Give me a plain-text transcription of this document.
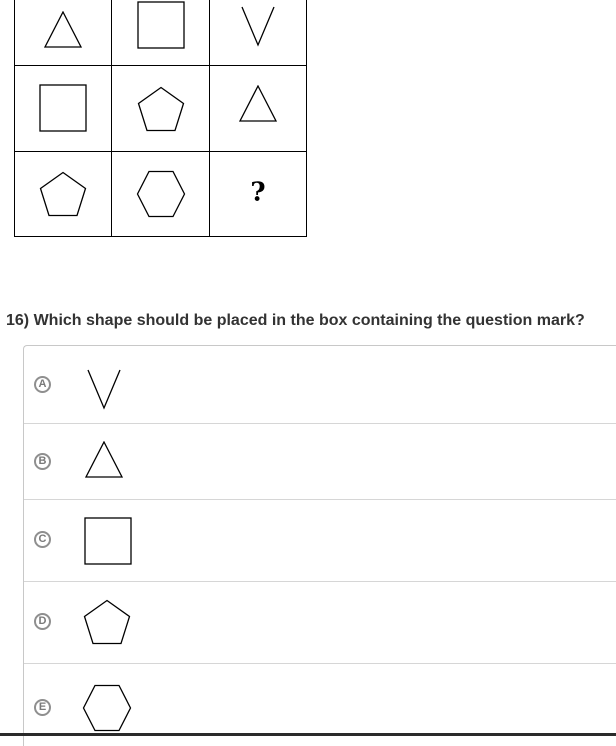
?
16) Which shape should be placed in the box containing the question mark?
A
B
C
D
E
